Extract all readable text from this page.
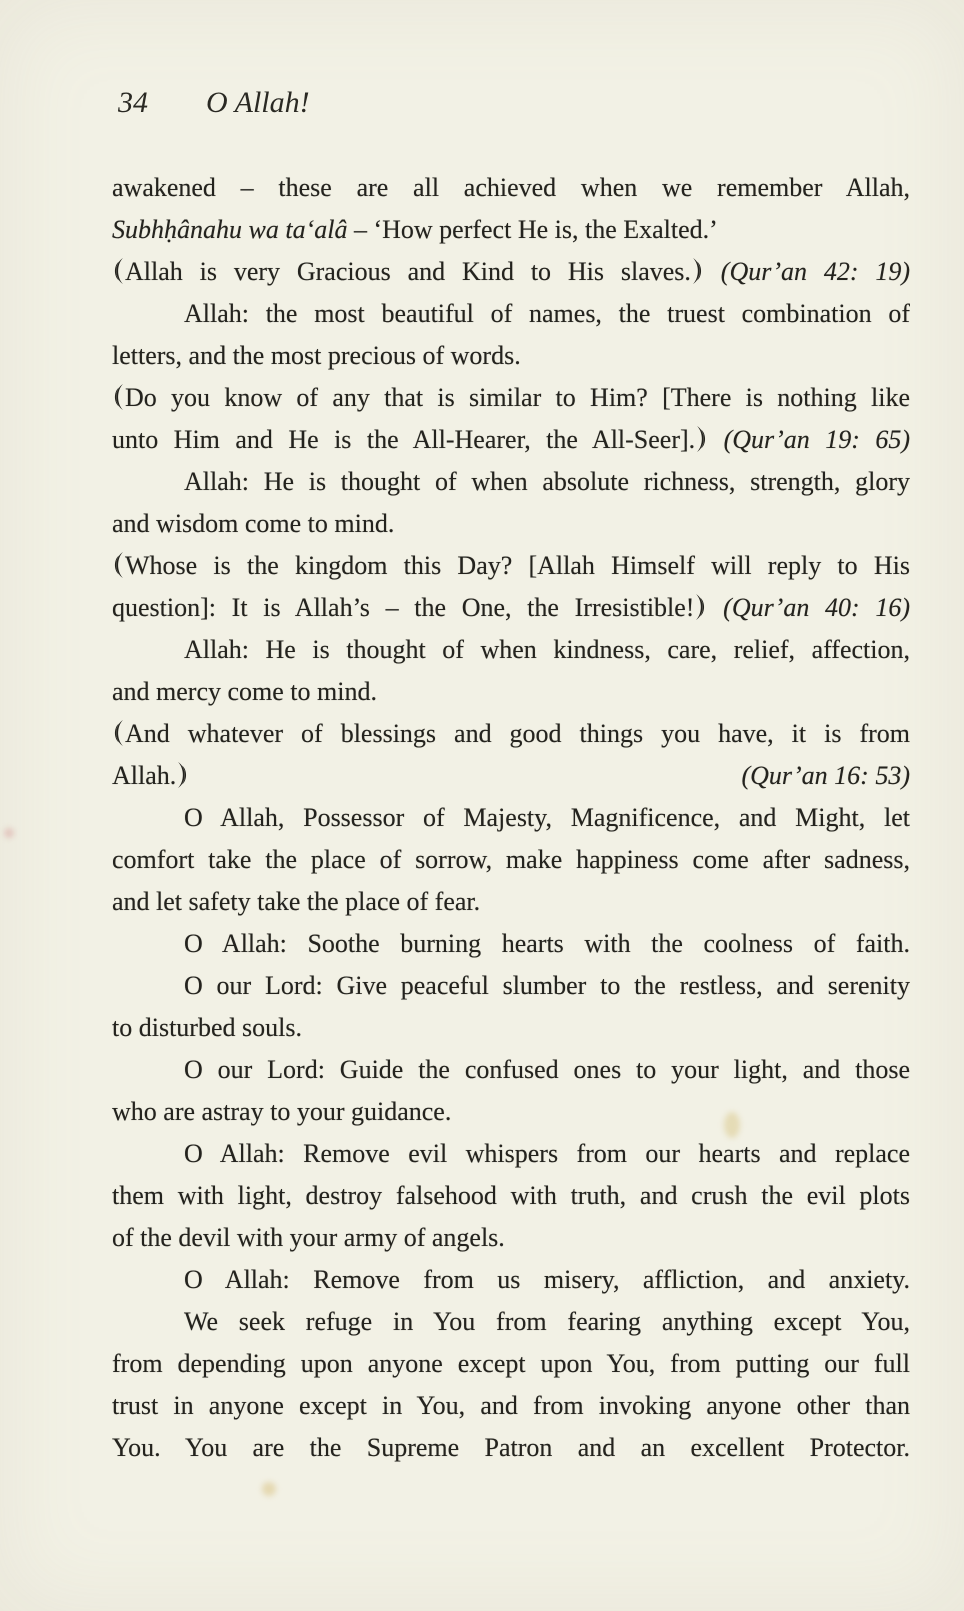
34 O Allah!
awakened – these are all achieved when we remember Allah,
Subhḥânahu wa ta‘alâ – ‘How perfect He is, the Exalted.’
Allah is very Gracious and Kind to His slaves. (Qur’an 42: 19)
Allah: the most beautiful of names, the truest combination of
letters, and the most precious of words.
Do you know of any that is similar to Him? [There is nothing like
unto Him and He is the All-Hearer, the All-Seer]. (Qur’an 19: 65)
Allah: He is thought of when absolute richness, strength, glory
and wisdom come to mind.
Whose is the kingdom this Day? [Allah Himself will reply to His
question]: It is Allah’s – the One, the Irresistible! (Qur’an 40: 16)
Allah: He is thought of when kindness, care, relief, affection,
and mercy come to mind.
And whatever of blessings and good things you have, it is from
Allah.	(Qur’an 16: 53)
O Allah, Possessor of Majesty, Magnificence, and Might, let
comfort take the place of sorrow, make happiness come after sadness,
and let safety take the place of fear.
O Allah: Soothe burning hearts with the coolness of faith.
O our Lord: Give peaceful slumber to the restless, and serenity
to disturbed souls.
O our Lord: Guide the confused ones to your light, and those
who are astray to your guidance.
O Allah: Remove evil whispers from our hearts and replace
them with light, destroy falsehood with truth, and crush the evil plots
of the devil with your army of angels.
O Allah: Remove from us misery, affliction, and anxiety.
We seek refuge in You from fearing anything except You,
from depending upon anyone except upon You, from putting our full
trust in anyone except in You, and from invoking anyone other than
You. You are the Supreme Patron and an excellent Protector.
